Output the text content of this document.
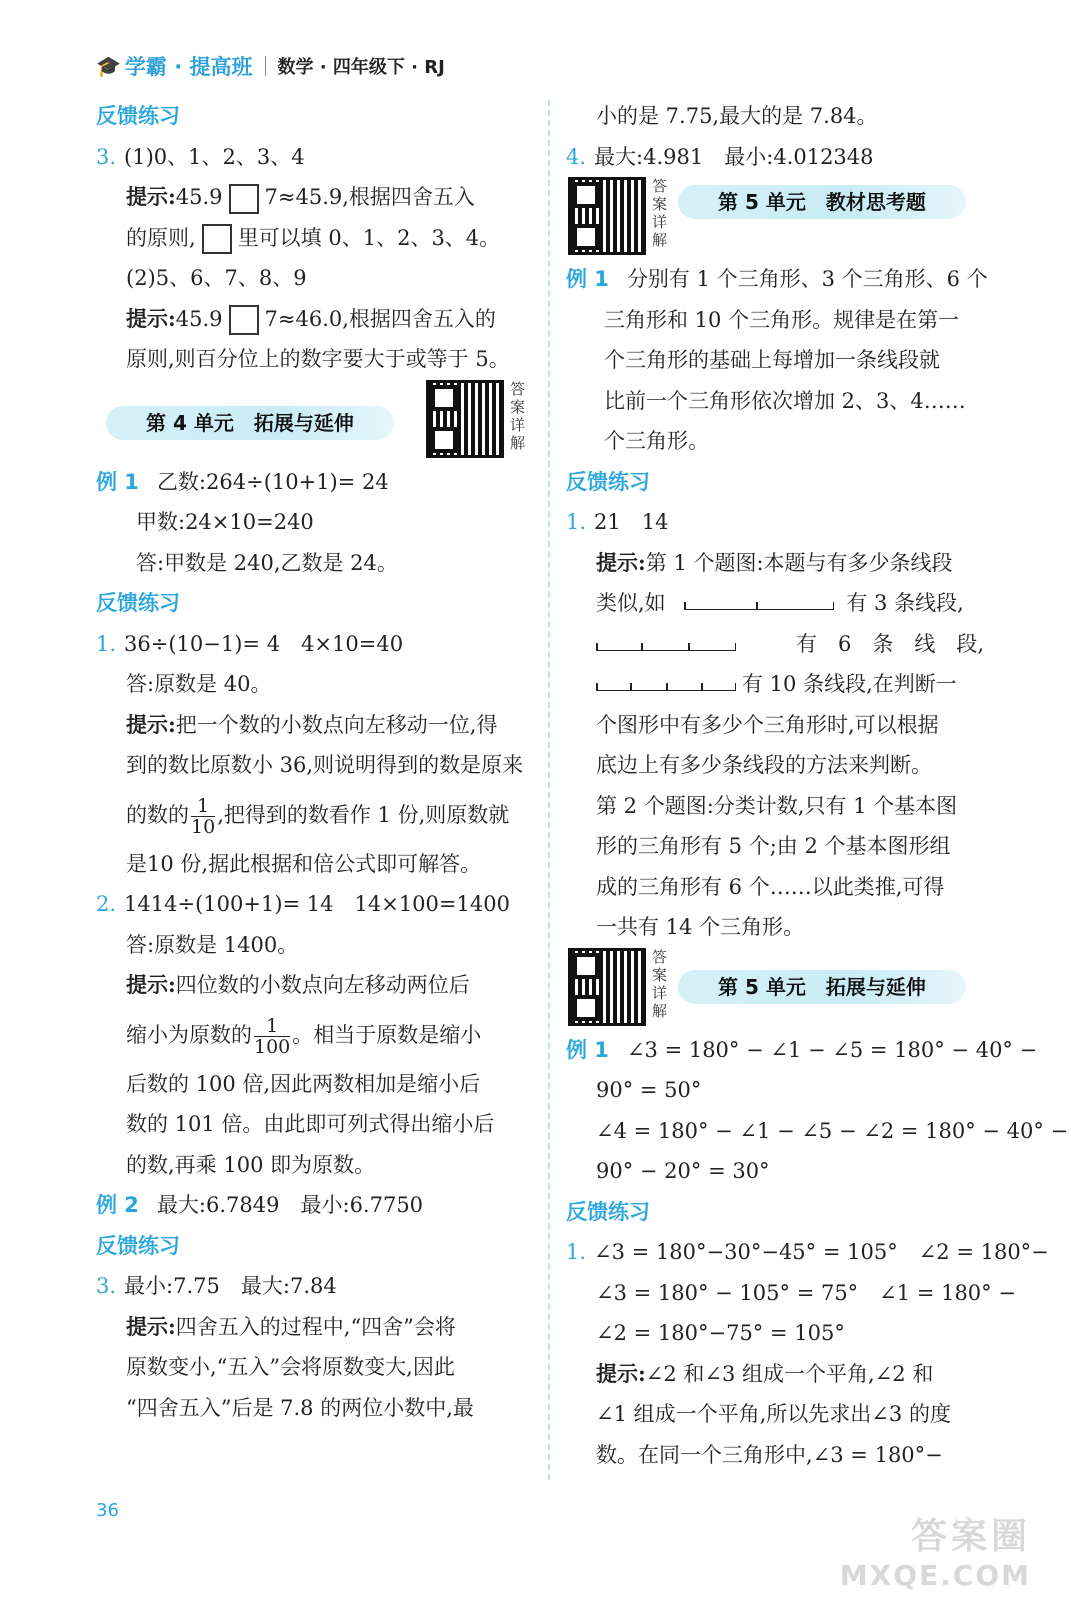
🎓 学霸 · 提高班 数学 · 四年级下 · RJ
反馈练习
3. (1)0、1、2、3、4
提示:45.9 7≈45.9,根据四舍五入
的原则, 里可以填 0、1、2、3、4。
(2)5、6、7、8、9
提示:45.9 7≈46.0,根据四舍五入的
原则,则百分位上的数字要大于或等于 5。
第 4 单元　拓展与延伸
答案详解
例 1 乙数:264÷(10+1)= 24
甲数:24×10=240
答:甲数是 240,乙数是 24。
反馈练习
1. 36÷(10−1)= 4　4×10=40
答:原数是 40。
提示:把一个数的小数点向左移动一位,得
到的数比原数小 36,则说明得到的数是原来
的数的 $\frac{1}{10}$ ,把得到的数看作 1 份,则原数就
是10 份,据此根据和倍公式即可解答。
2. 1414÷(100+1)= 14　14×100=1400
答:原数是 1400。
提示:四位数的小数点向左移动两位后
缩小为原数的 $\frac{1}{100}$ 。相当于原数是缩小
后数的 100 倍,因此两数相加是缩小后
数的 101 倍。由此即可列式得出缩小后
的数,再乘 100 即为原数。
例 2 最大:6.7849　最小:6.7750
反馈练习
3. 最小:7.75　最大:7.84
提示:四舍五入的过程中,“四舍”会将
原数变小,“五入”会将原数变大,因此
“四舍五入”后是 7.8 的两位小数中,最
小的是 7.75,最大的是 7.84。
4. 最大:4.981　最小:4.012348
答案详解
第 5 单元　教材思考题
例 1 分别有 1 个三角形、3 个三角形、6 个
三角形和 10 个三角形。规律是在第一
个三角形的基础上每增加一条线段就
比前一个三角形依次增加 2、3、4……
个三角形。
反馈练习
1. 21　14
提示:第 1 个题图:本题与有多少条线段
类似,如	有 3 条线段,
有　6　条　线　段,
有 10 条线段,在判断一
个图形中有多少个三角形时,可以根据
底边上有多少条线段的方法来判断。
第 2 个题图:分类计数,只有 1 个基本图
形的三角形有 5 个;由 2 个基本图形组
成的三角形有 6 个……以此类推,可得
一共有 14 个三角形。
答案详解
第 5 单元　拓展与延伸
例 1 ∠3 = 180° − ∠1 − ∠5 = 180° − 40° −
90° = 50°
∠4 = 180° − ∠1 − ∠5 − ∠2 = 180° − 40° −
90° − 20° = 30°
反馈练习
1. ∠3 = 180°−30°−45° = 105°　∠2 = 180°−
∠3 = 180° − 105° = 75°　∠1 = 180° −
∠2 = 180°−75° = 105°
提示:∠2 和∠3 组成一个平角,∠2 和
∠1 组成一个平角,所以先求出∠3 的度
数。在同一个三角形中,∠3 = 180°−
36
答案圈
MXQE.COM
